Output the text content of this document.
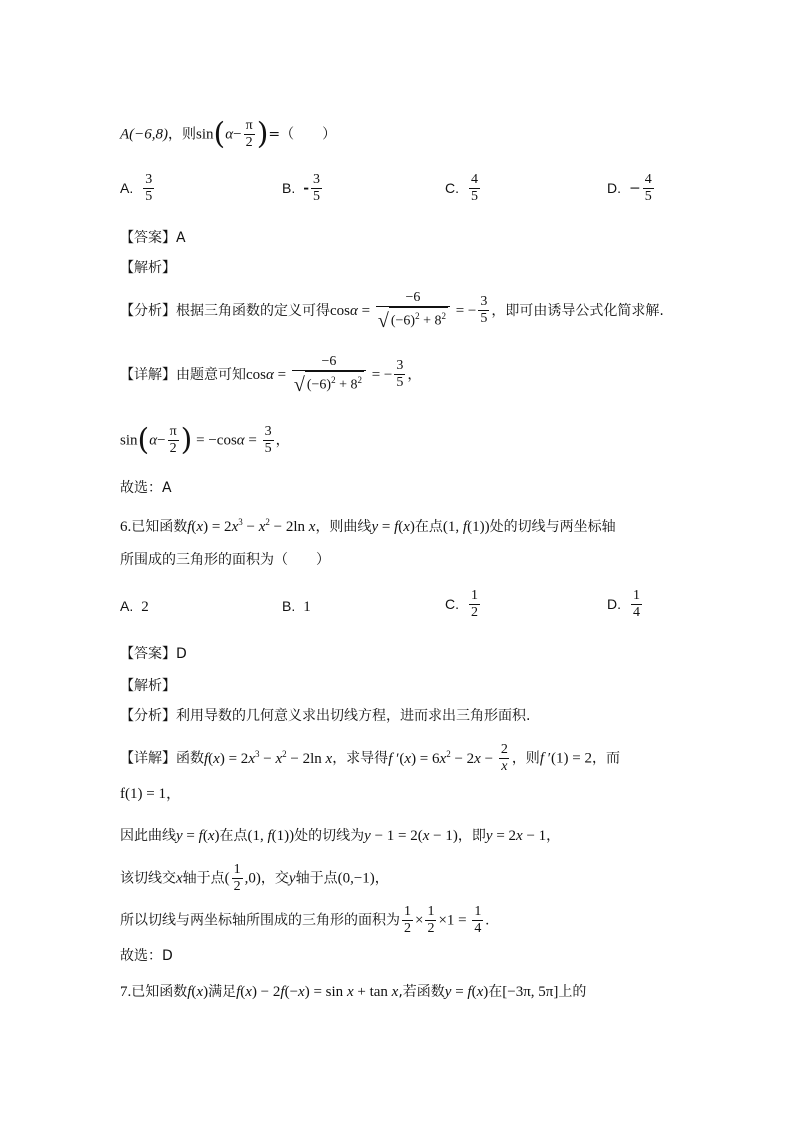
A(−6,8)，则$\sin(\alpha- \frac{\pi}{2}$ )=（　　）
A. $\frac{3}{5}$	B. - $\frac{3}{5}$	C. $\frac{4}{5}$	D. − $\frac{4}{5}$
【答案】A
【解析】
【分析】根据三角函数的定义可得$\cos\alpha = \frac{-6}{√ (-6)^2 + 8^2}$ = − $\frac{3}{5}$ ，即可由诱导公式化简求解.
【详解】由题意可知$\cos\alpha = \frac{-6}{√ (-6)^2 + 8^2}$ = − $\frac{3}{5}$ ，
$\sin(\alpha- \frac{\pi}{2}$ ) = $-\cos\alpha = \frac{3}{5}$ ，
故选：A
6.已知函数$f(x) = 2x^3 - x^2 - 2\ln$ x，则曲线y = f(x)在点(1, f(1))处的切线与两坐标轴
所围成的三角形的面积为（　　）
A. 2	B. 1	C. $\frac{1}{2}$	D. $\frac{1}{4}$
【答案】D
【解析】
【分析】利用导数的几何意义求出切线方程，进而求出三角形面积.
【详解】函数$f(x) = 2x^3 - x^2 - 2\ln$ x，求导得f $'(x) = 6x^2 - 2x - \frac{2}{x}$ ，则f ′(1) = 2，而
f(1) = 1，
因此曲线y = f(x)在点(1, f(1))处的切线为y − 1 = 2(x − 1)，即y = 2x − 1，
该切线交x轴于点( $\frac{1}{2} ,0$)，交y轴于点(0,−1)，
所以切线与两坐标轴所围成的三角形的面积为 $\frac{1}{2} \times \frac{1}{2} \times 1 = \frac{1}{4}$ .
故选：D
7.已知函数f(x)满足f(x) − 2f(−x) = sin x + tan x,若函数y = f(x)在[−3π, 5π]上的
